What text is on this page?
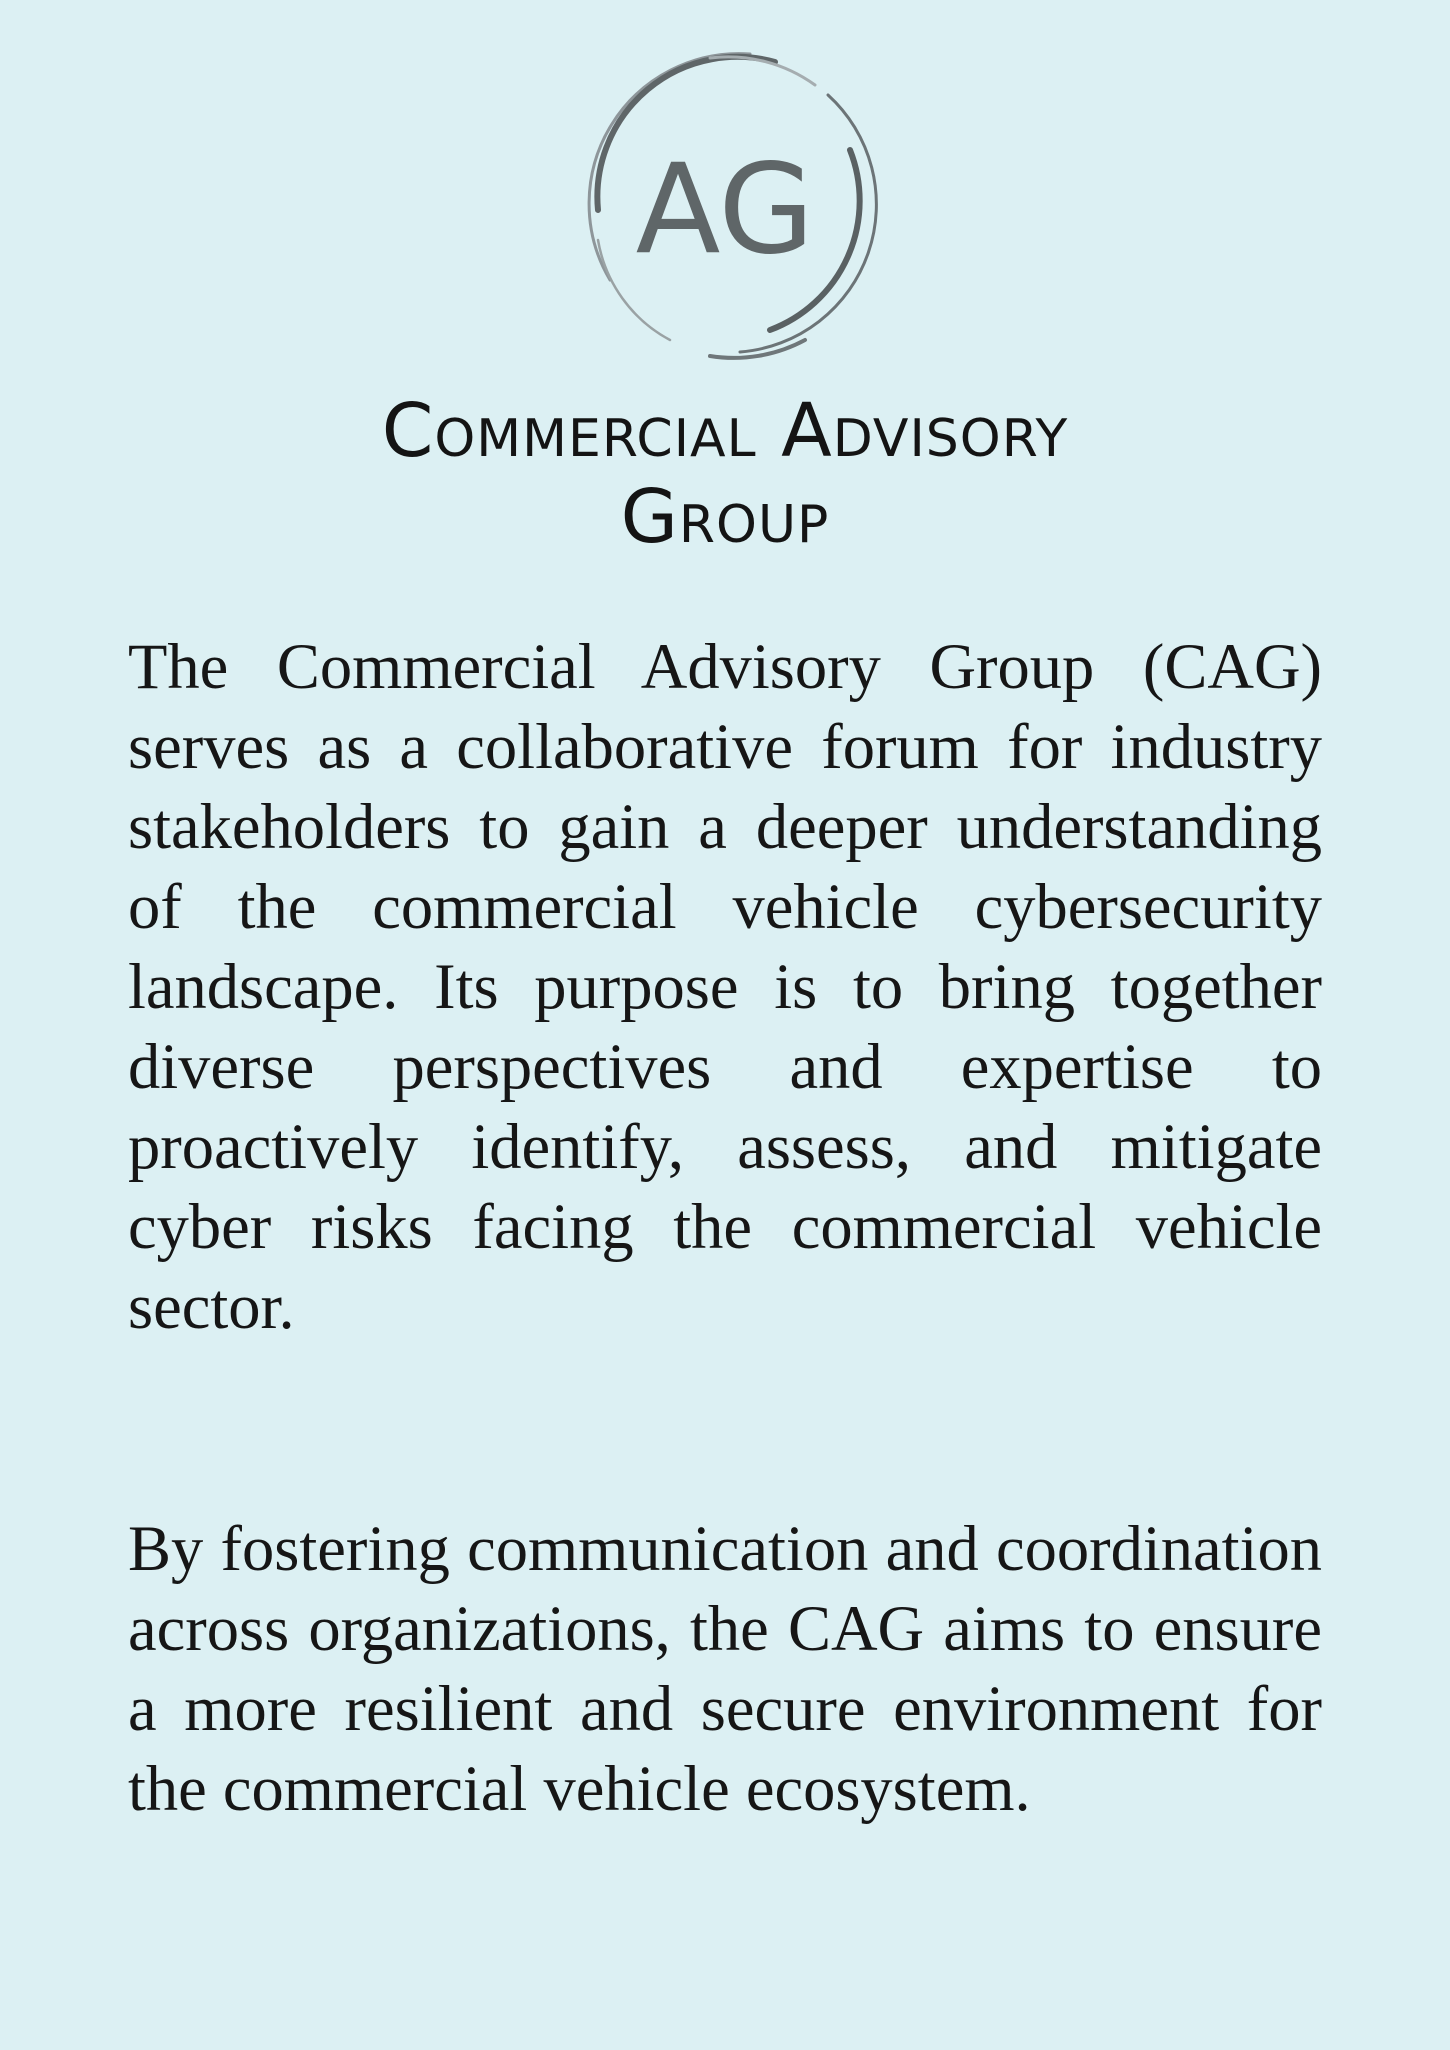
AG
Commercial Advisory
Group

The Commercial Advisory Group (CAG) serves as a collaborative forum for industry stakeholders to gain a deeper understanding of the commercial vehicle cybersecurity landscape. Its purpose is to bring together diverse perspectives and expertise to proactively identify, assess, and mitigate cyber risks facing the commercial vehicle sector.

By fostering communication and coordination across organizations, the CAG aims to ensure a more resilient and secure environment for the commercial vehicle ecosystem.
